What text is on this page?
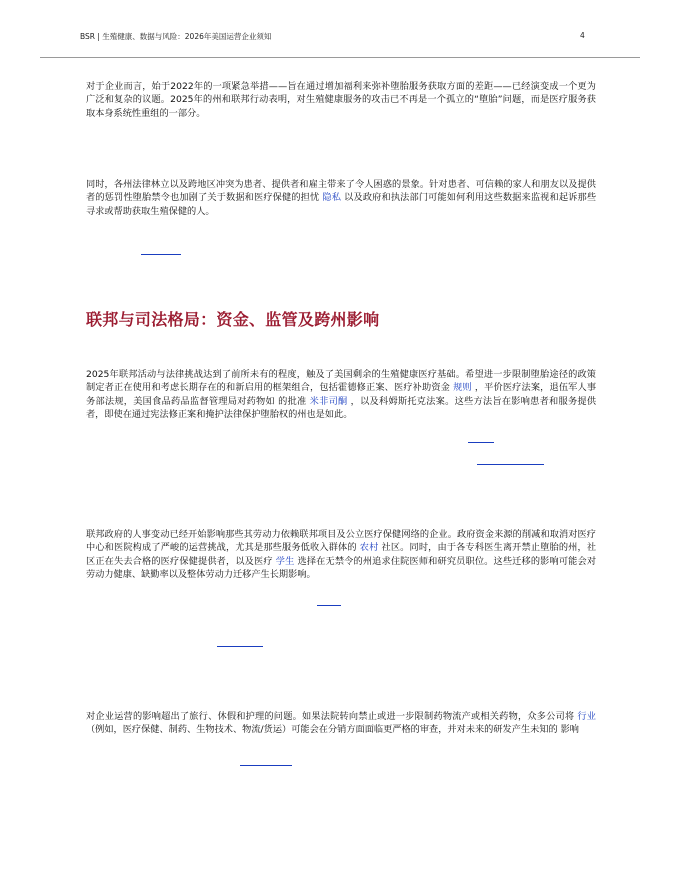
BSR | 生殖健康、数据与风险：2026年美国运营企业须知	4
对于企业而言，始于2022年的一项紧急举措——旨在通过增加福利来弥补堕胎服务获取方面的差距——已经演变成一个更为广泛和复杂的议题。2025年的州和联邦行动表明，对生殖健康服务的攻击已不再是一个孤立的“堕胎”问题，而是医疗服务获取本身系统性重组的一部分。
同时，各州法律林立以及跨地区冲突为患者、提供者和雇主带来了令人困惑的景象。针对患者、可信赖的家人和朋友以及提供者的惩罚性堕胎禁令也加剧了关于数据和医疗保健的担忧 隐私 以及政府和执法部门可能如何利用这些数据来监视和起诉那些寻求或帮助获取生殖保健的人。
联邦与司法格局：资金、监管及跨州影响
2025年联邦活动与法律挑战达到了前所未有的程度，触及了美国剩余的生殖健康医疗基础。希望进一步限制堕胎途径的政策制定者正在使用和考虑长期存在的和新启用的框架组合，包括霍德修正案、医疗补助资金 规则 ，平价医疗法案，退伍军人事务部法规，美国食品药品监督管理局对药物如 的批准 米非司酮 ，以及科姆斯托克法案。这些方法旨在影响患者和服务提供者，即使在通过宪法修正案和掩护法律保护堕胎权的州也是如此。
联邦政府的人事变动已经开始影响那些其劳动力依赖联邦项目及公立医疗保健网络的企业。政府资金来源的削减和取消对医疗中心和医院构成了严峻的运营挑战，尤其是那些服务低收入群体的 农村 社区。同时，由于各专科医生离开禁止堕胎的州，社区正在失去合格的医疗保健提供者，以及医疗 学生 选择在无禁令的州追求住院医师和研究员职位。这些迁移的影响可能会对劳动力健康、缺勤率以及整体劳动力迁移产生长期影响。
对企业运营的影响超出了旅行、休假和护理的问题。如果法院转向禁止或进一步限制药物流产或相关药物，众多公司将 行业 （例如，医疗保健、制药、生物技术、物流/货运）可能会在分销方面面临更严格的审查，并对未来的研发产生未知的 影响
